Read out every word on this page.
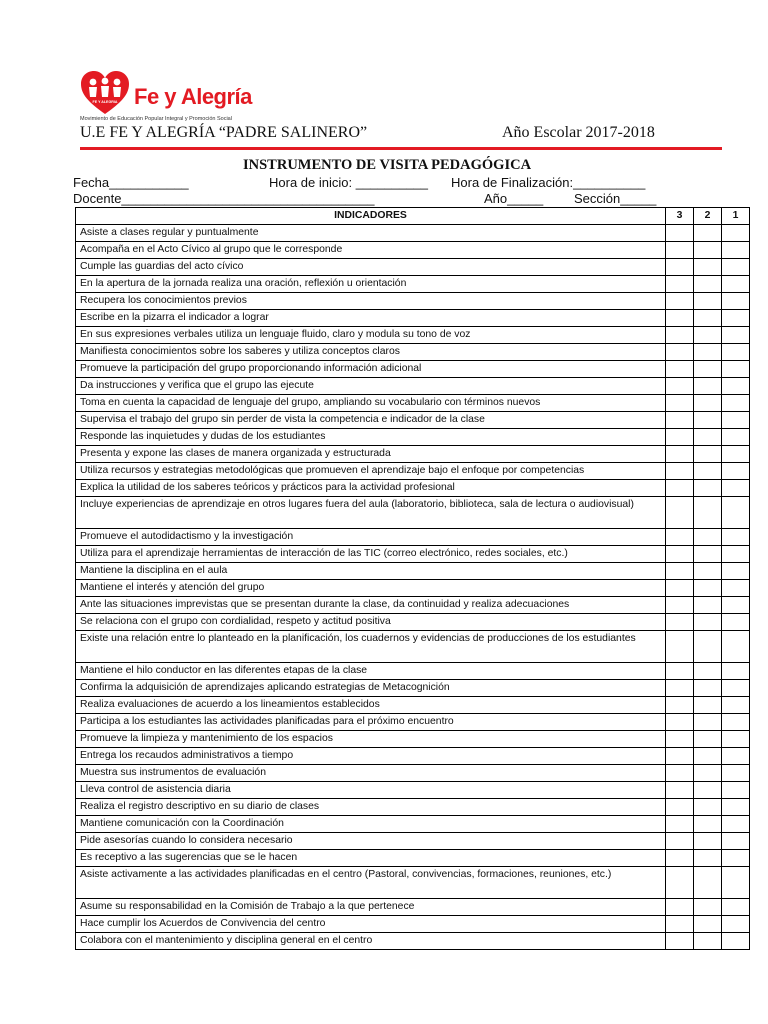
FE Y ALEGRIA Fe y Alegría
Movimiento de Educación Popular Integral y Promoción Social
U.E FE Y ALEGRÍA “PADRE SALINERO”	Año Escolar 2017-2018
INSTRUMENTO DE VISITA PEDAGÓGICA
Fecha___________	Hora de inicio: __________ Hora de Finalización:__________
Docente___________________________________	Año_____ Sección_____
INDICADORES	3	2	1
Asiste a clases regular y puntualmente			
Acompaña en el Acto Cívico al grupo que le corresponde			
Cumple las guardias del acto cívico			
En la apertura de la jornada realiza una oración, reflexión u orientación			
Recupera los conocimientos previos			
Escribe en la pizarra el indicador a lograr			
En sus expresiones verbales utiliza un lenguaje fluido, claro y modula su tono de voz			
Manifiesta conocimientos sobre los saberes y utiliza conceptos claros			
Promueve la participación del grupo proporcionando información adicional			
Da instrucciones y verifica que el grupo las ejecute			
Toma en cuenta la capacidad de lenguaje del grupo, ampliando su vocabulario con términos nuevos			
Supervisa el trabajo del grupo sin perder de vista la competencia e indicador de la clase			
Responde las inquietudes y dudas de los estudiantes			
Presenta y expone las clases de manera organizada y estructurada			
Utiliza recursos y estrategias metodológicas que promueven el aprendizaje bajo el enfoque por competencias			
Explica la utilidad de los saberes teóricos y prácticos para la actividad profesional			
Incluye experiencias de aprendizaje en otros lugares fuera del aula (laboratorio, biblioteca, sala de lectura o audiovisual)			
Promueve el autodidactismo y la investigación			
Utiliza para el aprendizaje herramientas de interacción de las TIC (correo electrónico, redes sociales, etc.)			
Mantiene la disciplina en el aula			
Mantiene el interés y atención del grupo			
Ante las situaciones imprevistas que se presentan durante la clase, da continuidad y realiza adecuaciones			
Se relaciona con el grupo con cordialidad, respeto y actitud positiva			
Existe una relación entre lo planteado en la planificación, los cuadernos y evidencias de producciones de los estudiantes			
Mantiene el hilo conductor en las diferentes etapas de la clase			
Confirma la adquisición de aprendizajes aplicando estrategias de Metacognición			
Realiza evaluaciones de acuerdo a los lineamientos establecidos			
Participa a los estudiantes las actividades planificadas para el próximo encuentro			
Promueve la limpieza y mantenimiento de los espacios			
Entrega los recaudos administrativos a tiempo			
Muestra sus instrumentos de evaluación			
Lleva control de asistencia diaria			
Realiza el registro descriptivo en su diario de clases			
Mantiene comunicación con la Coordinación			
Pide asesorías cuando lo considera necesario			
Es receptivo a las sugerencias que se le hacen			
Asiste activamente a las actividades planificadas en el centro (Pastoral, convivencias, formaciones, reuniones, etc.)			
Asume su responsabilidad en la Comisión de Trabajo a la que pertenece			
Hace cumplir los Acuerdos de Convivencia del centro			
Colabora con el mantenimiento y disciplina general en el centro			
